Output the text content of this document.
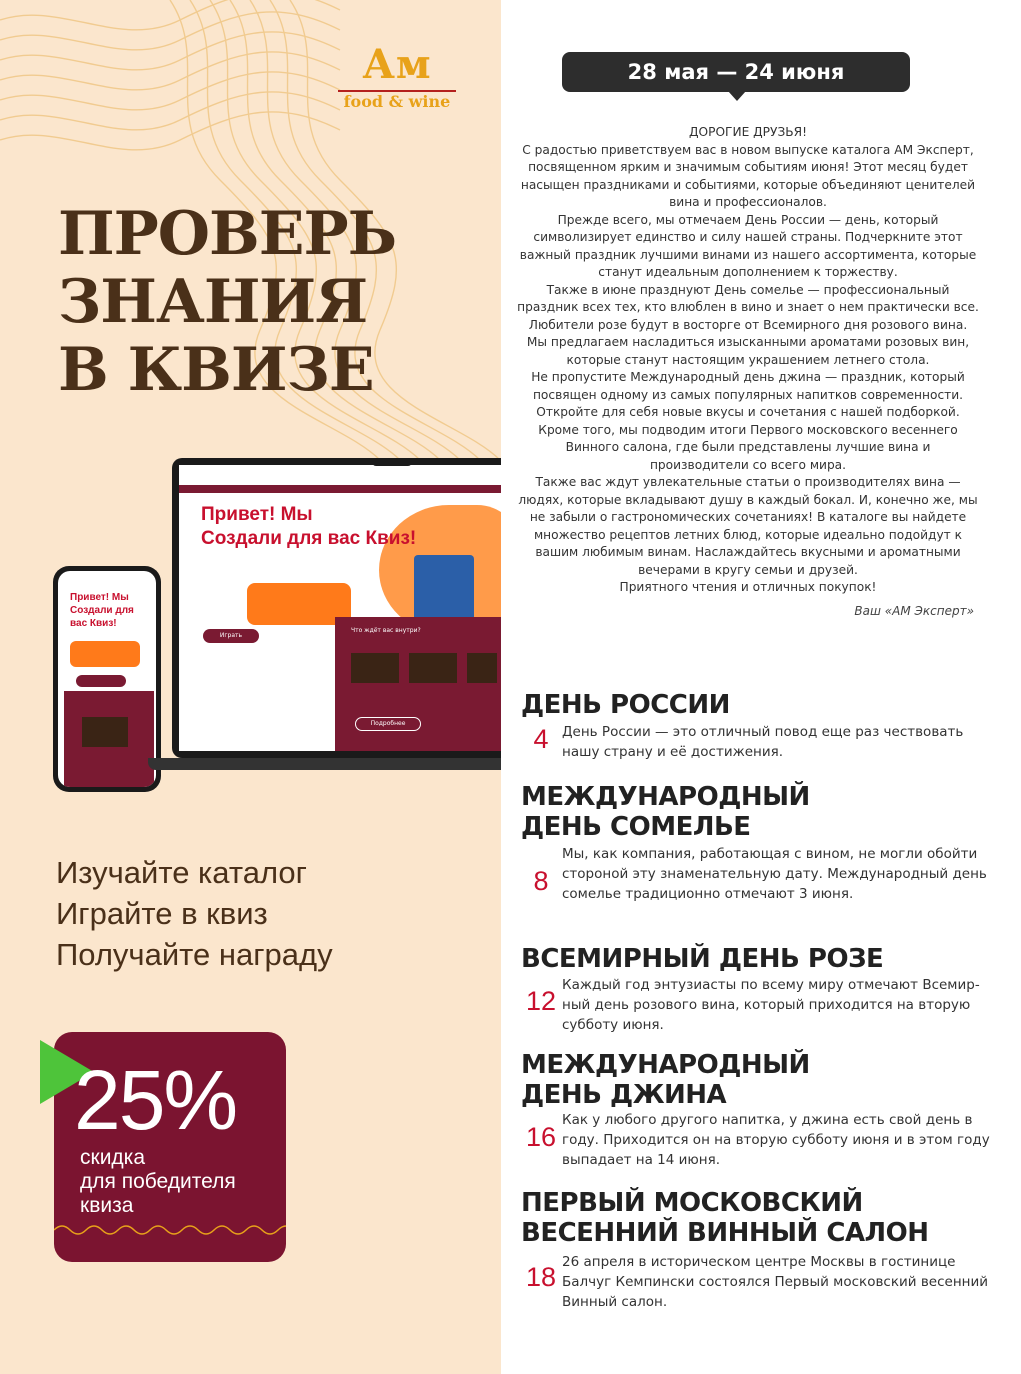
Ам
food & wine
ПРОВЕРЬ
ЗНАНИЯ
В КВИЗЕ
Привет! Мы
Создали для
вас Квиз!
Привет! Мы
Создали для вас Квиз!
Играть
Что ждёт вас внутри?
Подробнее
Изучайте каталог
Играйте в квиз
Получайте награду
25%
скидка
для победителя
квиза
28 мая — 24 июня
ДОРОГИЕ ДРУЗЬЯ!
С радостью приветствуем вас в новом выпуске каталога АМ Эксперт, посвященном ярким и значимым событиям июня! Этот месяц будет насыщен праздниками и событиями, которые объединяют ценителей вина и профессионалов.
Прежде всего, мы отмечаем День России — день, который символизирует единство и силу нашей страны. Подчеркните этот важный праздник лучшими винами из нашего ассортимента, которые станут идеальным дополнением к торжеству.
Также в июне празднуют День сомелье — профессиональный праздник всех тех, кто влюблен в вино и знает о нем практически все.
Любители розе будут в восторге от Всемирного дня розового вина. Мы предлагаем насладиться изысканными ароматами розовых вин, которые станут настоящим украшением летнего стола.
Не пропустите Международный день джина — праздник, который посвящен одному из самых популярных напитков современности. Откройте для себя новые вкусы и сочетания с нашей подборкой.
Кроме того, мы подводим итоги Первого московского весеннего Винного салона, где были представлены лучшие вина и производители со всего мира.
Также вас ждут увлекательные статьи о производителях вина — людях, которые вкладывают душу в каждый бокал. И, конечно же, мы не забыли о гастрономических сочетаниях! В каталоге вы найдете множество рецептов летних блюд, которые идеально подойдут к вашим любимым винам. Наслаждайтесь вкусными и ароматными вечерами в кругу семьи и друзей.
Приятного чтения и отличных покупок!
Ваш «АМ Эксперт»
ДЕНЬ РОССИИ
4 День России — это отличный повод еще раз чествовать нашу страну и её достижения.
МЕЖДУНАРОДНЫЙ
ДЕНЬ СОМЕЛЬЕ
8
Мы, как компания, работающая с вином, не могли обойти стороной эту знаменательную дату. Международный день сомелье традиционно отмечают 3 июня.
ВСЕМИРНЫЙ ДЕНЬ РОЗЕ
12
Каждый год энтузиасты по всему миру отмечают Всемир-ный день розового вина, который приходится на вторую субботу июня.
МЕЖДУНАРОДНЫЙ
ДЕНЬ ДЖИНА
16
Как у любого другого напитка, у джина есть свой день в году. Приходится он на вторую субботу июня и в этом году выпадает на 14 июня.
ПЕРВЫЙ МОСКОВСКИЙ
ВЕСЕННИЙ ВИННЫЙ САЛОН
18 26 апреля в историческом центре Москвы в гостинице Балчуг Кемпински состоялся Первый московский весенний Винный салон.
